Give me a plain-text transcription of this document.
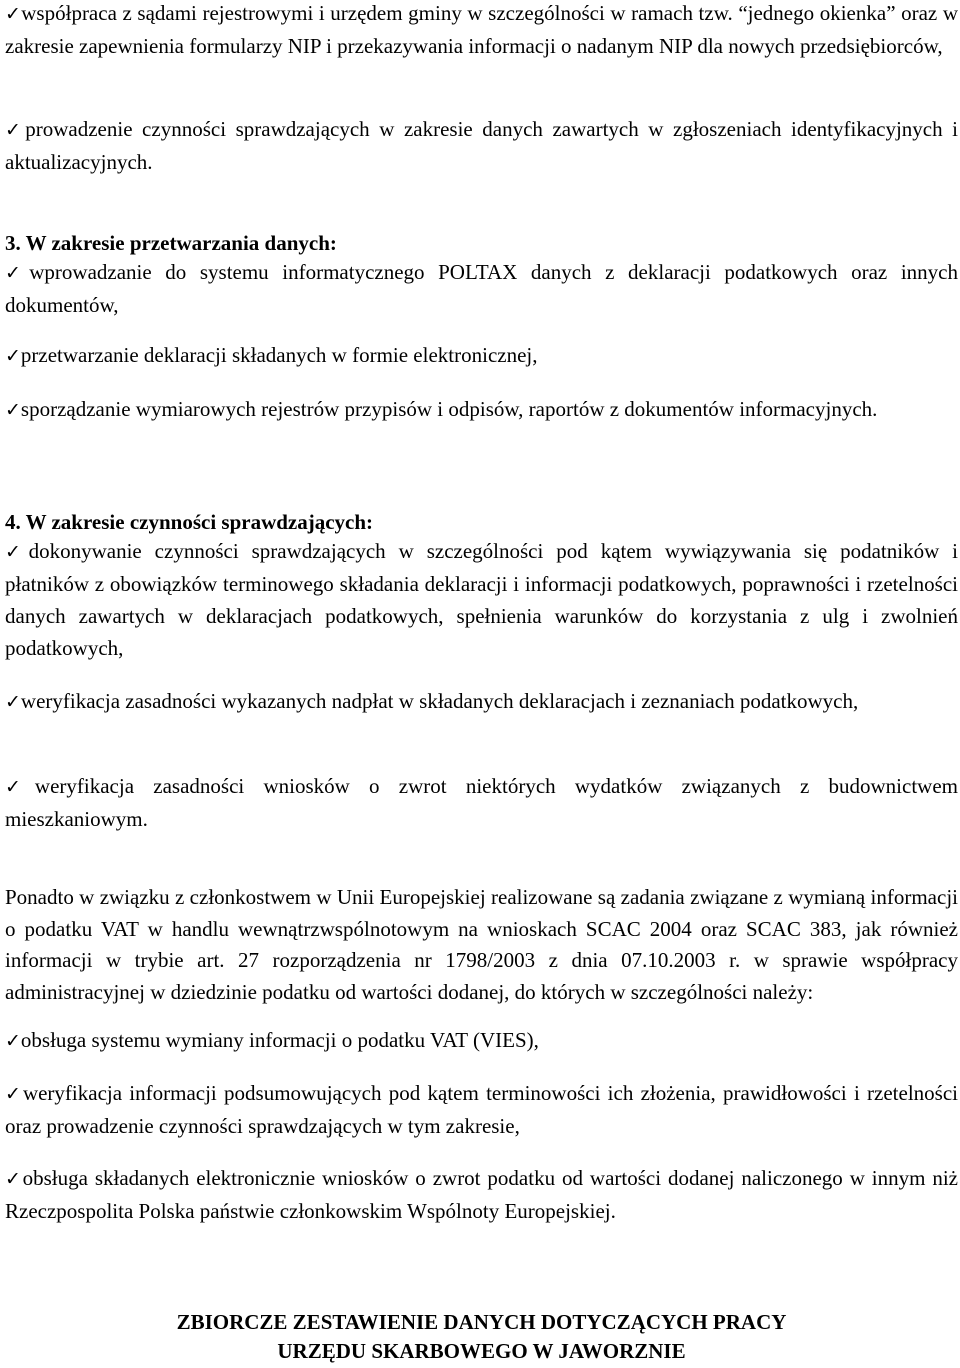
✓współpraca z sądami rejestrowymi i urzędem gminy w szczególności w ramach tzw. “jednego okienka” oraz w zakresie zapewnienia formularzy NIP i przekazywania informacji o nadanym NIP dla nowych przedsiębiorców,
✓prowadzenie czynności sprawdzających w zakresie danych zawartych w zgłoszeniach identyfikacyjnych i aktualizacyjnych.
3. W zakresie przetwarzania danych:
✓wprowadzanie do systemu informatycznego POLTAX danych z deklaracji podatkowych oraz innych dokumentów,
✓przetwarzanie deklaracji składanych w formie elektronicznej,
✓sporządzanie wymiarowych rejestrów przypisów i odpisów, raportów z dokumentów informacyjnych.
4. W zakresie czynności sprawdzających:
✓dokonywanie czynności sprawdzających w szczególności pod kątem wywiązywania się podatników i płatników z obowiązków terminowego składania deklaracji i informacji podatkowych, poprawności i rzetelności danych zawartych w deklaracjach podatkowych, spełnienia warunków do korzystania z ulg i zwolnień podatkowych,
✓weryfikacja zasadności wykazanych nadpłat w składanych deklaracjach i zeznaniach podatkowych,
✓weryfikacja zasadności wniosków o zwrot niektórych wydatków związanych z budownictwem mieszkaniowym.
Ponadto w związku z członkostwem w Unii Europejskiej realizowane są zadania związane z wymianą informacji o podatku VAT w handlu wewnątrzwspólnotowym na wnioskach SCAC 2004 oraz SCAC 383, jak również informacji w trybie art. 27 rozporządzenia nr 1798/2003 z dnia 07.10.2003 r. w sprawie współpracy administracyjnej w dziedzinie podatku od wartości dodanej, do których w szczególności należy:
✓obsługa systemu wymiany informacji o podatku VAT (VIES),
✓weryfikacja informacji podsumowujących pod kątem terminowości ich złożenia, prawidłowości i rzetelności oraz prowadzenie czynności sprawdzających w tym zakresie,
✓obsługa składanych elektronicznie wniosków o zwrot podatku od wartości dodanej naliczonego w innym niż Rzeczpospolita Polska państwie członkowskim Wspólnoty Europejskiej.
ZBIORCZE ZESTAWIENIE DANYCH DOTYCZĄCYCH PRACY
URZĘDU SKARBOWEGO W JAWORZNIE
